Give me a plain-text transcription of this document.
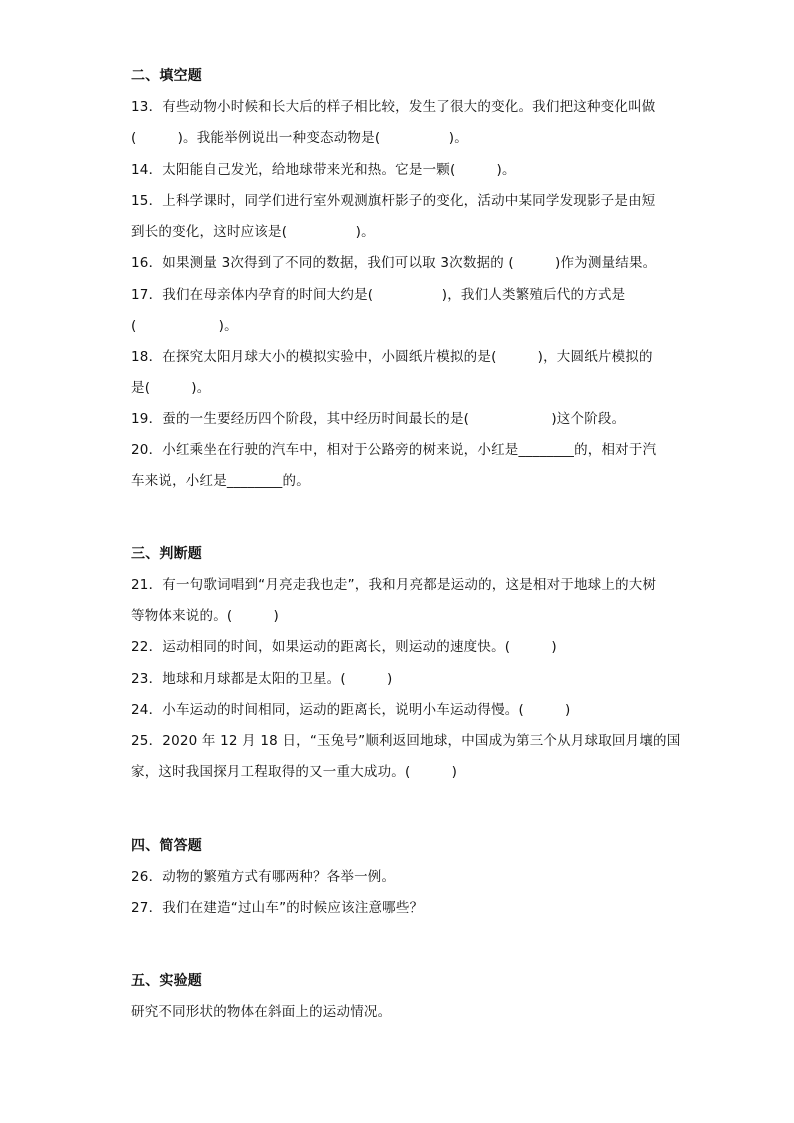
二、填空题
13．有些动物小时候和长大后的样子相比较，发生了很大的变化。我们把这种变化叫做
(　　　)。我能举例说出一种变态动物是(　　　　　)。
14．太阳能自己发光，给地球带来光和热。它是一颗(　　　)。
15．上科学课时，同学们进行室外观测旗杆影子的变化，活动中某同学发现影子是由短
到长的变化，这时应该是(　　　　　)。
16．如果测量 3次得到了不同的数据，我们可以取 3次数据的 (　　　)作为测量结果。
17．我们在母亲体内孕育的时间大约是(　　　　　)，我们人类繁殖后代的方式是
(　　　　　　)。
18．在探究太阳月球大小的模拟实验中，小圆纸片模拟的是(　　　)，大圆纸片模拟的
是(　　　)。
19．蚕的一生要经历四个阶段，其中经历时间最长的是(　　　　　　)这个阶段。
20．小红乘坐在行驶的汽车中，相对于公路旁的树来说，小红是________的，相对于汽
车来说，小红是________的。
三、判断题
21．有一句歌词唱到“月亮走我也走”，我和月亮都是运动的，这是相对于地球上的大树
等物体来说的。(　　　)
22．运动相同的时间，如果运动的距离长，则运动的速度快。(　　　)
23．地球和月球都是太阳的卫星。(　　　)
24．小车运动的时间相同，运动的距离长，说明小车运动得慢。(　　　)
25．2020 年 12 月 18 日，“玉兔号”顺利返回地球，中国成为第三个从月球取回月壤的国
家，这时我国探月工程取得的又一重大成功。(　　　)
四、简答题
26．动物的繁殖方式有哪两种？各举一例。
27．我们在建造“过山车”的时候应该注意哪些？
五、实验题
研究不同形状的物体在斜面上的运动情况。
